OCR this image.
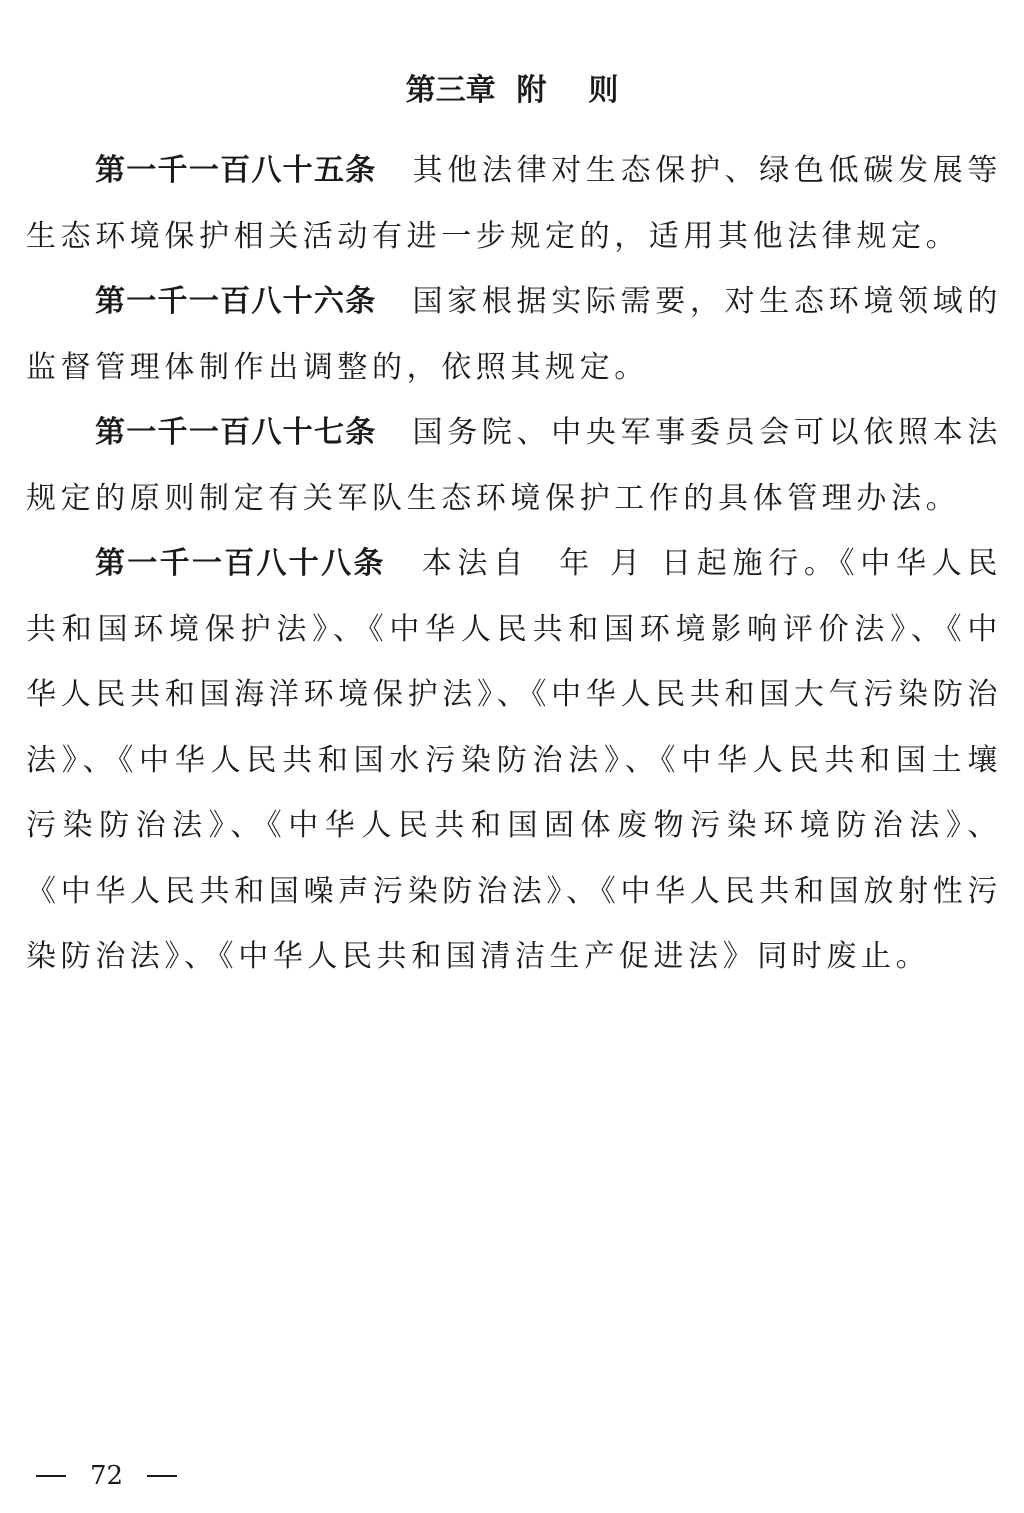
第三章  附    则

第一千一百八十五条 其他法律对生态保护、绿色低碳发展等生态环境保护相关活动有进一步规定的，适用其他法律规定。

第一千一百八十六条 国家根据实际需要，对生态环境领域的监督管理体制作出调整的，依照其规定。

第一千一百八十七条 国务院、中央军事委员会可以依照本法规定的原则制定有关军队生态环境保护工作的具体管理办法。

第一千一百八十八条 本法自  年 月 日起施行。《中华人民共和国环境保护法》、《中华人民共和国环境影响评价法》、《中华人民共和国海洋环境保护法》、《中华人民共和国大气污染防治法》、《中华人民共和国水污染防治法》、《中华人民共和国土壤污染防治法》、《中华人民共和国固体废物污染环境防治法》、《中华人民共和国噪声污染防治法》、《中华人民共和国放射性污染防治法》、《中华人民共和国清洁生产促进法》同时废止。

72
